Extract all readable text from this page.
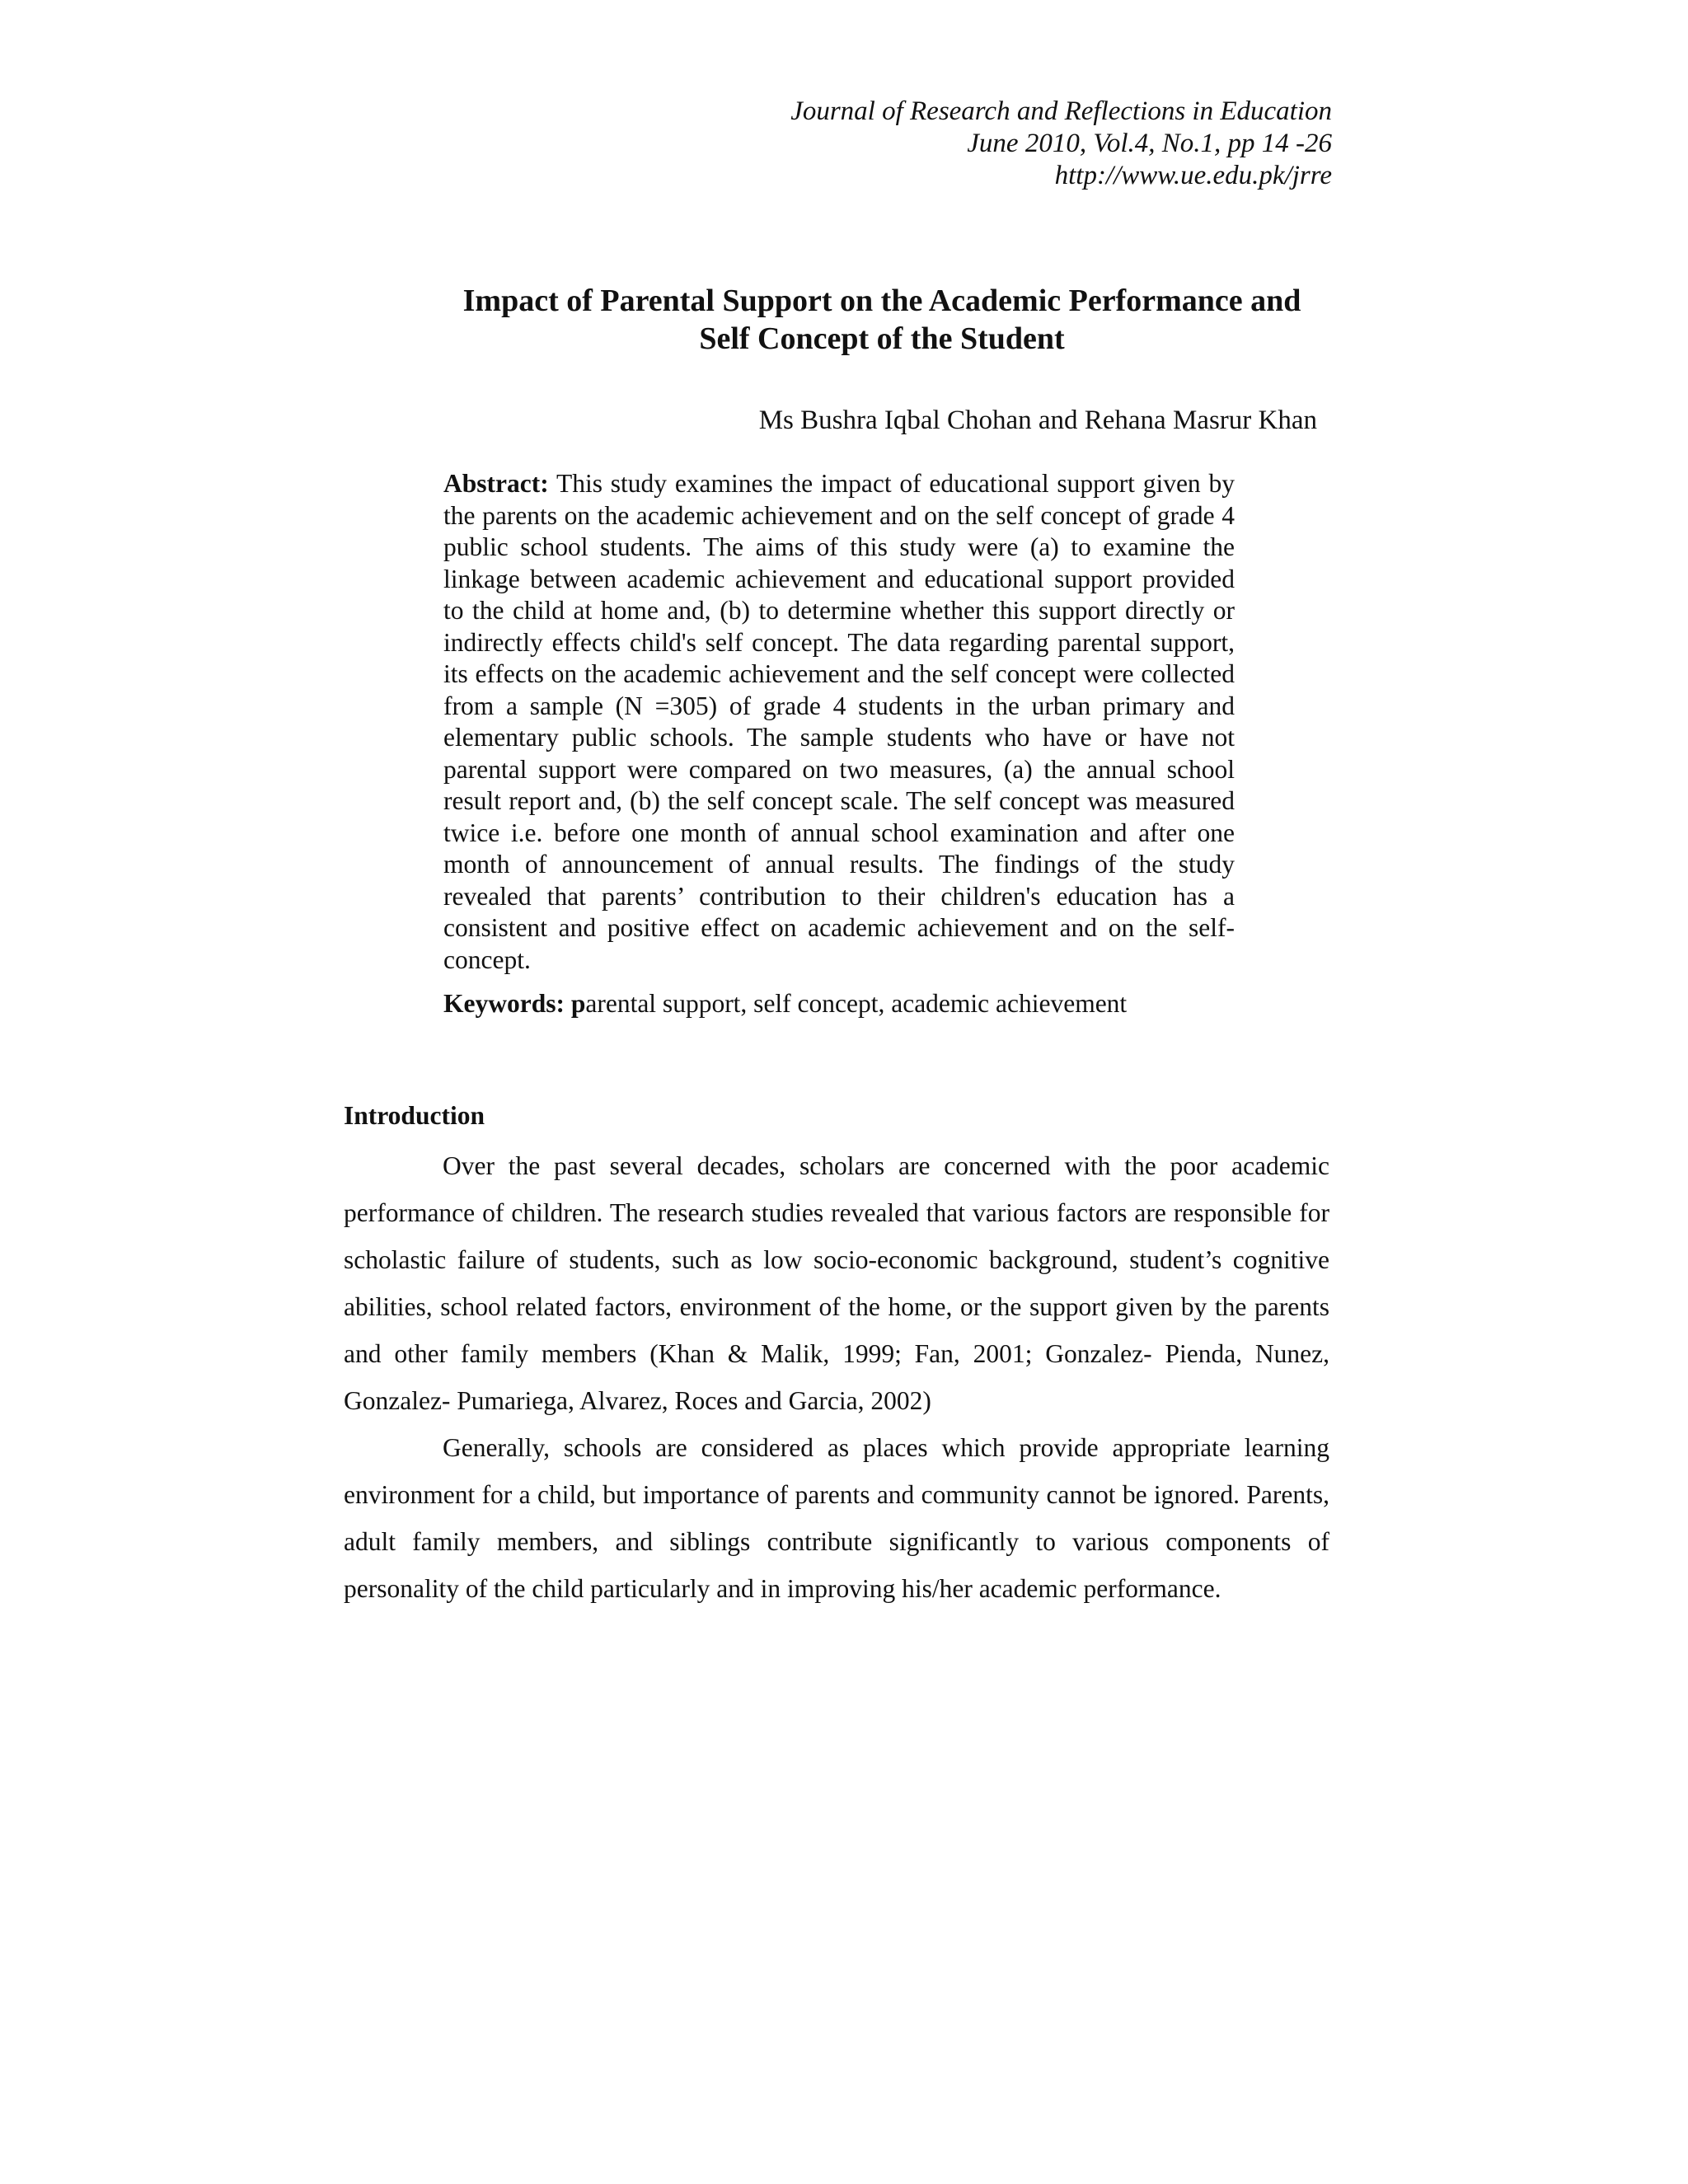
Journal of Research and Reflections in Education
June 2010, Vol.4, No.1, pp 14 -26
http://www.ue.edu.pk/jrre
Impact of Parental Support on the Academic Performance and
Self Concept of the Student
Ms Bushra Iqbal Chohan and Rehana Masrur Khan

Abstract: This study examines the impact of educational support given by the parents on the academic achievement and on the self concept of grade 4 public school students. The aims of this study were (a) to examine the linkage between academic achievement and educational support provided to the child at home and, (b) to determine whether this support directly or indirectly effects child's self concept. The data regarding parental support, its effects on the academic achievement and the self concept were collected from a sample (N =305) of grade 4 students in the urban primary and elementary public schools. The sample students who have or have not parental support were compared on two measures, (a) the annual school result report and, (b) the self concept scale. The self concept was measured twice i.e. before one month of annual school examination and after one month of announcement of annual results. The findings of the study revealed that parents’ contribution to their children's education has a consistent and positive effect on academic achievement and on the self-concept.

Keywords: parental support, self concept, academic achievement

Introduction

Over the past several decades, scholars are concerned with the poor academic performance of children. The research studies revealed that various factors are responsible for scholastic failure of students, such as low socio-economic background, student’s cognitive abilities, school related factors, environment of the home, or the support given by the parents and other family members (Khan & Malik, 1999; Fan, 2001; Gonzalez- Pienda, Nunez, Gonzalez- Pumariega, Alvarez, Roces and Garcia, 2002)

Generally, schools are considered as places which provide appropriate learning environment for a child, but importance of parents and community cannot be ignored. Parents, adult family members, and siblings contribute significantly to various components of personality of the child particularly and in improving his/her academic performance.
